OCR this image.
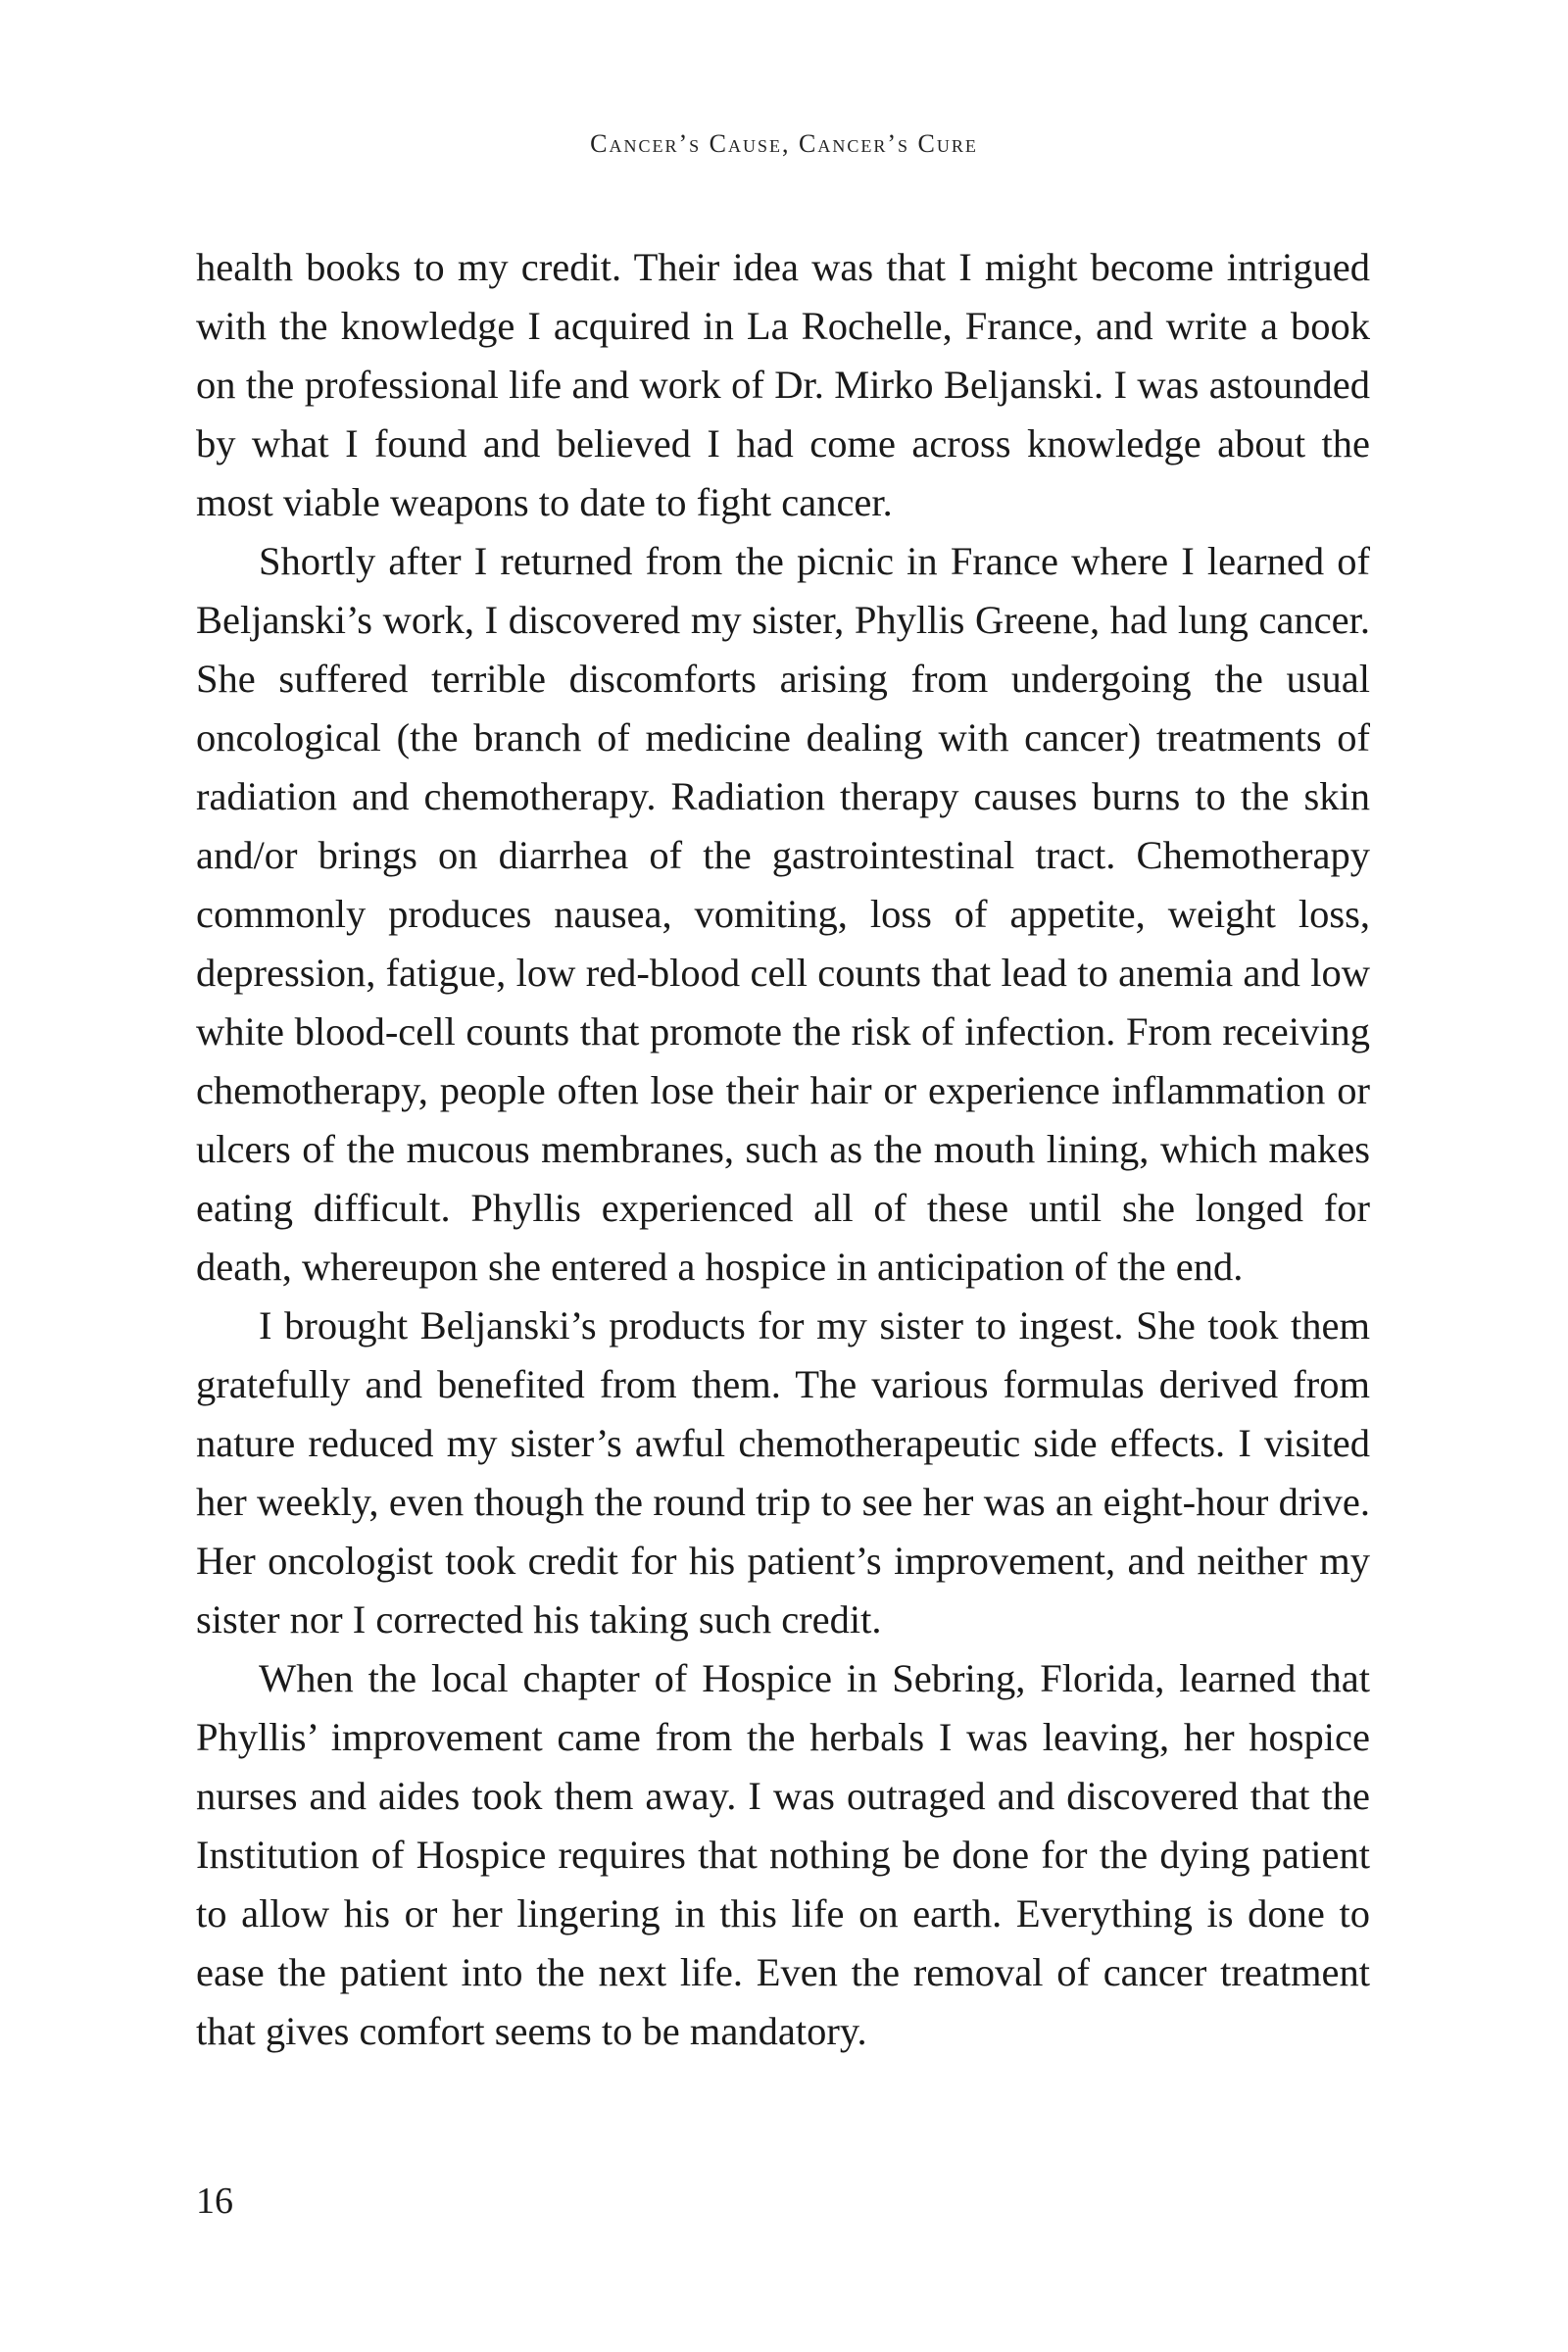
Cancer’s Cause, Cancer’s Cure

health books to my credit. Their idea was that I might become intrigued with the knowledge I acquired in La Rochelle, France, and write a book on the professional life and work of Dr. Mirko Beljanski. I was astounded by what I found and believed I had come across knowledge about the most viable weapons to date to fight cancer.

Shortly after I returned from the picnic in France where I learned of Beljanski’s work, I discovered my sister, Phyllis Greene, had lung cancer. She suffered terrible discomforts arising from undergoing the usual oncological (the branch of medicine dealing with cancer) treatments of radiation and chemotherapy. Radiation therapy causes burns to the skin and/or brings on diarrhea of the gastrointestinal tract. Chemotherapy commonly produces nausea, vomiting, loss of appetite, weight loss, depression, fatigue, low red-blood cell counts that lead to anemia and low white blood-cell counts that promote the risk of infection. From receiving chemotherapy, people often lose their hair or experience inflammation or ulcers of the mucous membranes, such as the mouth lining, which makes eating difficult. Phyllis experienced all of these until she longed for death, whereupon she entered a hospice in anticipation of the end.

I brought Beljanski’s products for my sister to ingest. She took them gratefully and benefited from them. The various formulas derived from nature reduced my sister’s awful chemotherapeutic side effects. I visited her weekly, even though the round trip to see her was an eight-hour drive. Her oncologist took credit for his patient’s improvement, and neither my sister nor I corrected his taking such credit.

When the local chapter of Hospice in Sebring, Florida, learned that Phyllis’ improvement came from the herbals I was leaving, her hospice nurses and aides took them away. I was outraged and discovered that the Institution of Hospice requires that nothing be done for the dying patient to allow his or her lingering in this life on earth. Everything is done to ease the patient into the next life. Even the removal of cancer treatment that gives comfort seems to be mandatory.

16
